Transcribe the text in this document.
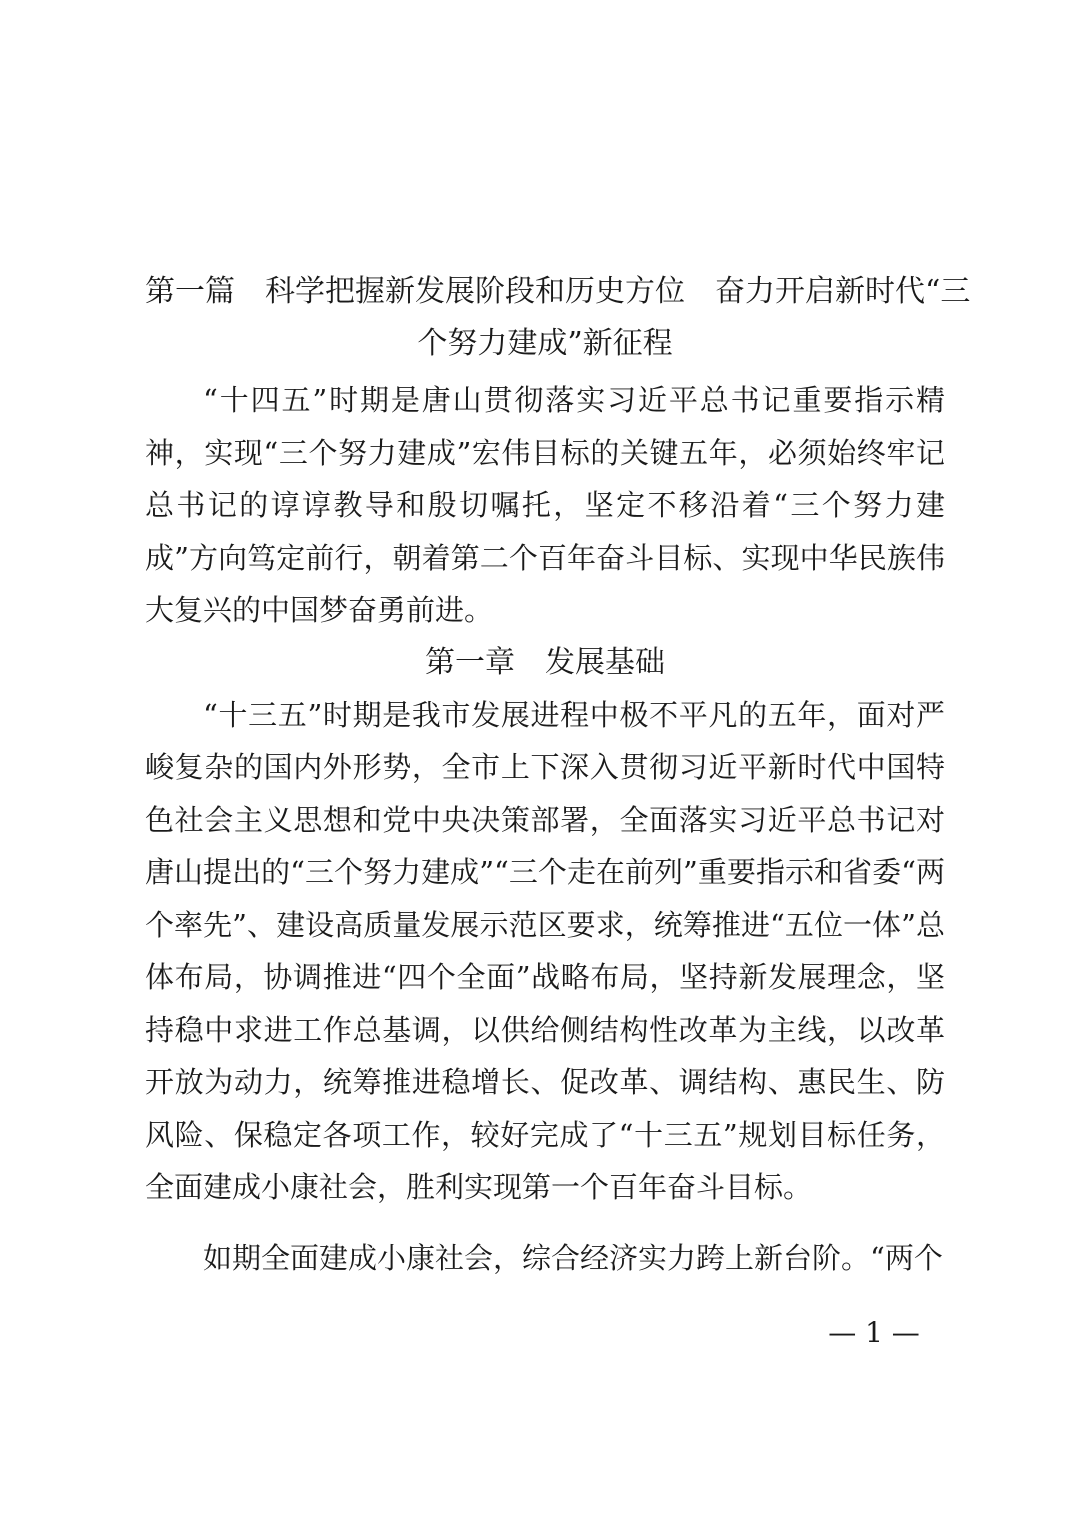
第一篇　科学把握新发展阶段和历史方位　奋力开启新时代“三
个努力建成”新征程

“十四五”时期是唐山贯彻落实习近平总书记重要指示精神，实现“三个努力建成”宏伟目标的关键五年，必须始终牢记总书记的谆谆教导和殷切嘱托，坚定不移沿着“三个努力建成”方向笃定前行，朝着第二个百年奋斗目标、实现中华民族伟大复兴的中国梦奋勇前进。

第一章　发展基础

“十三五”时期是我市发展进程中极不平凡的五年，面对严峻复杂的国内外形势，全市上下深入贯彻习近平新时代中国特色社会主义思想和党中央决策部署，全面落实习近平总书记对唐山提出的“三个努力建成”“三个走在前列”重要指示和省委“两个率先”、建设高质量发展示范区要求，统筹推进“五位一体”总体布局，协调推进“四个全面”战略布局，坚持新发展理念，坚持稳中求进工作总基调，以供给侧结构性改革为主线，以改革开放为动力，统筹推进稳增长、促改革、调结构、惠民生、防风险、保稳定各项工作，较好完成了“十三五”规划目标任务，全面建成小康社会，胜利实现第一个百年奋斗目标。

如期全面建成小康社会，综合经济实力跨上新台阶。“两个

— 1 —
